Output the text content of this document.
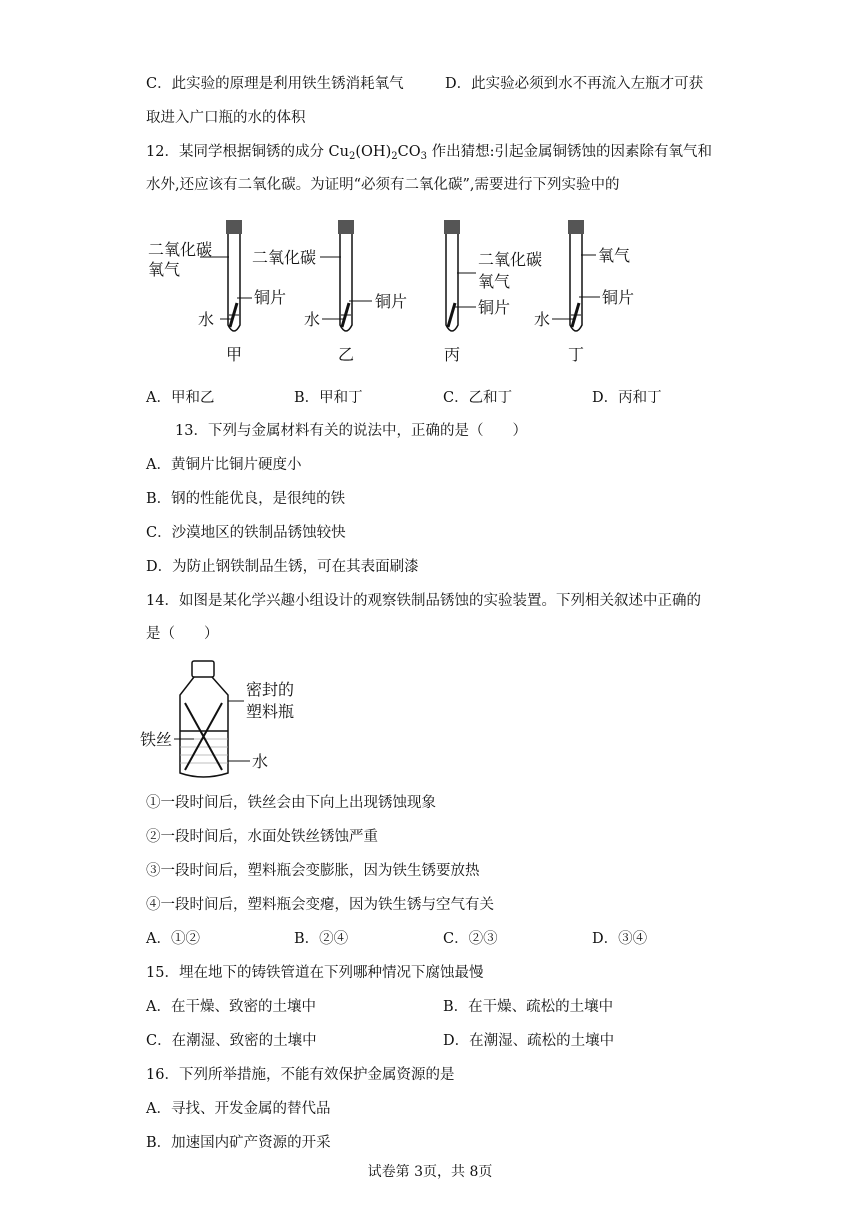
C．此实验的原理是利用铁生锈消耗氧气	D．此实验必须到水不再流入左瓶才可获
取进入广口瓶的水的体积
12．某同学根据铜锈的成分 $Cu_2(OH)_2CO_3$ 作出猜想:引起金属铜锈蚀的因素除有氧气和
水外,还应该有二氧化碳。为证明“必须有二氧化碳”,需要进行下列实验中的
二氧化碳
氧气
铜片
水
甲
二氧化碳
铜片
水
乙
二氧化碳
氧气
铜片
丙
氧气
铜片
水
丁
A．甲和乙	B．甲和丁	C．乙和丁	D．丙和丁
13．下列与金属材料有关的说法中，正确的是（　　）
A．黄铜片比铜片硬度小
B．钢的性能优良，是很纯的铁
C．沙漠地区的铁制品锈蚀较快
D．为防止钢铁制品生锈，可在其表面刷漆
14．如图是某化学兴趣小组设计的观察铁制品锈蚀的实验装置。下列相关叙述中正确的
是（　　）
密封的
塑料瓶
铁丝
水
①一段时间后，铁丝会由下向上出现锈蚀现象
②一段时间后，水面处铁丝锈蚀严重
③一段时间后，塑料瓶会变膨胀，因为铁生锈要放热
④一段时间后，塑料瓶会变瘪，因为铁生锈与空气有关
A．①②	B．②④	C．②③	D．③④
15．埋在地下的铸铁管道在下列哪种情况下腐蚀最慢
A．在干燥、致密的土壤中	B．在干燥、疏松的土壤中
C．在潮湿、致密的土壤中	D．在潮湿、疏松的土壤中
16．下列所举措施，不能有效保护金属资源的是
A．寻找、开发金属的替代品
B．加速国内矿产资源的开采
试卷第 3页，共 8页
